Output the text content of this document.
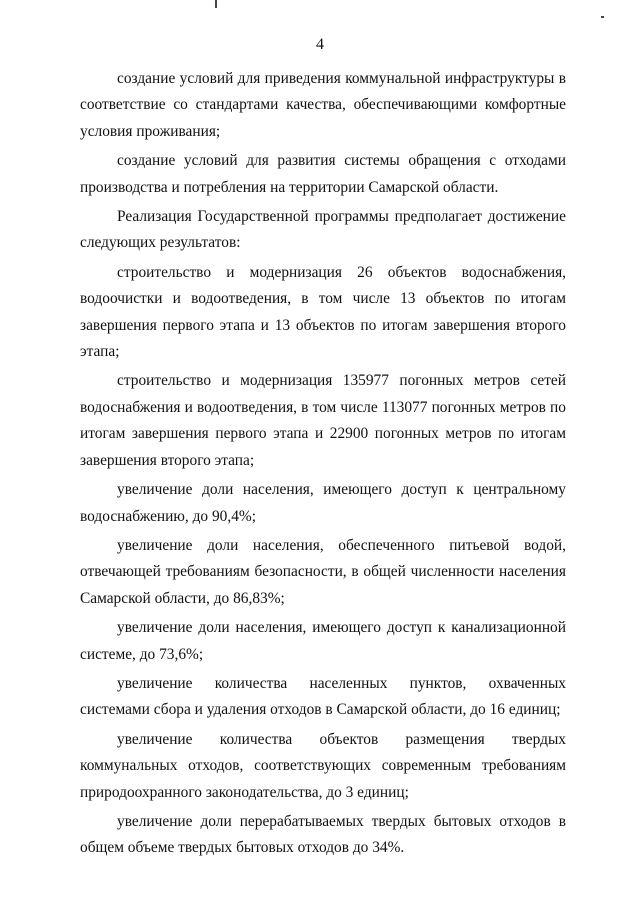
4

создание условий для приведения коммунальной инфраструктуры в соответствие со стандартами качества, обеспечивающими комфортные условия проживания;

создание условий для развития системы обращения с отходами производства и потребления на территории Самарской области.

Реализация Государственной программы предполагает достижение следующих результатов:

строительство и модернизация 26 объектов водоснабжения, водоочистки и водоотведения, в том числе 13 объектов по итогам завершения первого этапа и 13 объектов по итогам завершения второго этапа;

строительство и модернизация 135977 погонных метров сетей водоснабжения и водоотведения, в том числе 113077 погонных метров по итогам завершения первого этапа и 22900 погонных метров по итогам завершения второго этапа;

увеличение доли населения, имеющего доступ к центральному водоснабжению, до 90,4%;

увеличение доли населения, обеспеченного питьевой водой, отвечающей требованиям безопасности, в общей численности населения Самарской области, до 86,83%;

увеличение доли населения, имеющего доступ к канализационной системе, до 73,6%;

увеличение количества населенных пунктов, охваченных системами сбора и удаления отходов в Самарской области, до 16 единиц;

увеличение количества объектов размещения твердых коммунальных отходов, соответствующих современным требованиям природоохранного законодательства, до 3 единиц;

увеличение доли перерабатываемых твердых бытовых отходов в общем объеме твердых бытовых отходов до 34%.
